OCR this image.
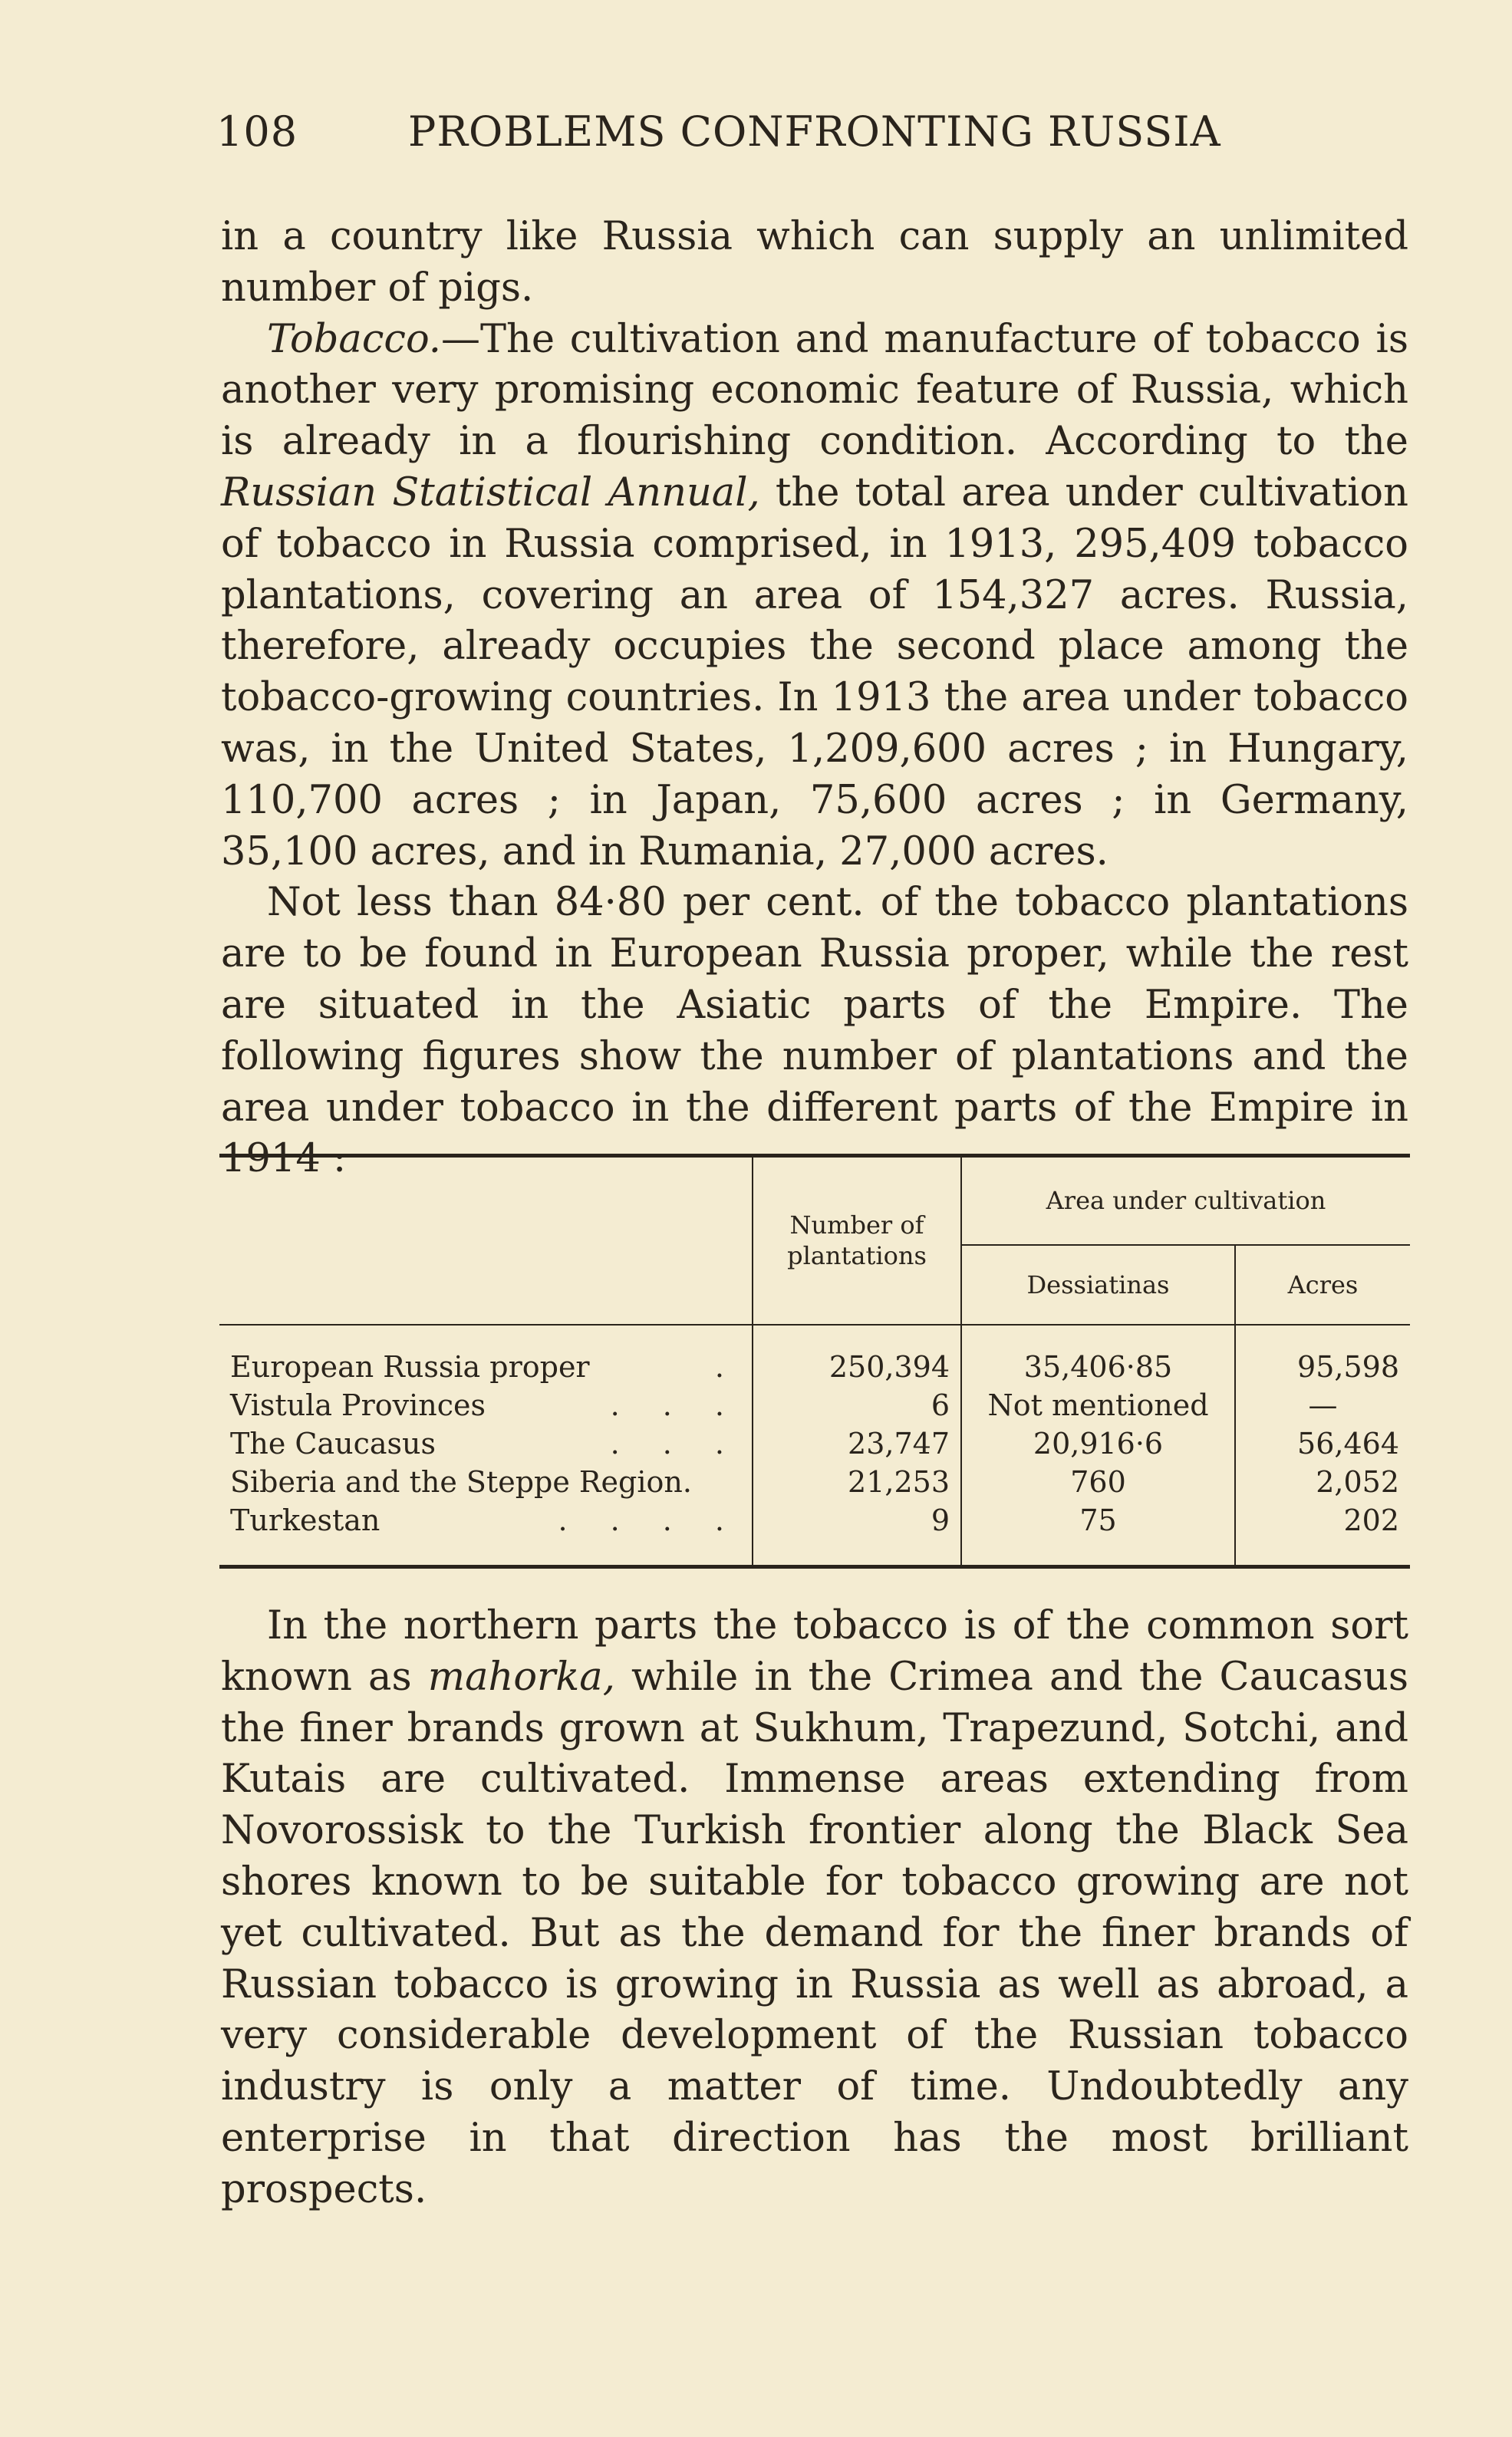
108	PROBLEMS CONFRONTING RUSSIA

in a country like Russia which can supply an unlimited number of pigs.

Tobacco.—The cultivation and manufacture of tobacco is another very promising economic feature of Russia, which is already in a flourishing condition. According to the Russian Statistical Annual, the total area under cultivation of tobacco in Russia comprised, in 1913, 295,409 tobacco plantations, covering an area of 154,327 acres. Russia, therefore, already occupies the second place among the tobacco-growing countries. In 1913 the area under tobacco was, in the United States, 1,209,600 acres ; in Hungary, 110,700 acres ; in Japan, 75,600 acres ; in Germany, 35,100 acres, and in Rumania, 27,000 acres.

Not less than 84·80 per cent. of the tobacco plantations are to be found in European Russia proper, while the rest are situated in the Asiatic parts of the Empire. The following figures show the number of plantations and the area under tobacco in the different parts of the Empire in 1914 :

	Number of plantations	Area under cultivation	
		Dessiatinas	Acres

European Russia proper .	250,394	35,406·85	95,598
Vistula Provinces . . .	6	Not mentioned	—
The Caucasus . . .	23,747	20,916·6	56,464
Siberia and the Steppe Region.	21,253	760	2,052
Turkestan . . . .	9	75	202

In the northern parts the tobacco is of the common sort known as mahorka, while in the Crimea and the Caucasus the finer brands grown at Sukhum, Trapezund, Sotchi, and Kutais are cultivated. Immense areas extending from Novorossisk to the Turkish frontier along the Black Sea shores known to be suitable for tobacco growing are not yet cultivated. But as the demand for the finer brands of Russian tobacco is growing in Russia as well as abroad, a very considerable development of the Russian tobacco industry is only a matter of time. Undoubtedly any enterprise in that direction has the most brilliant prospects.
